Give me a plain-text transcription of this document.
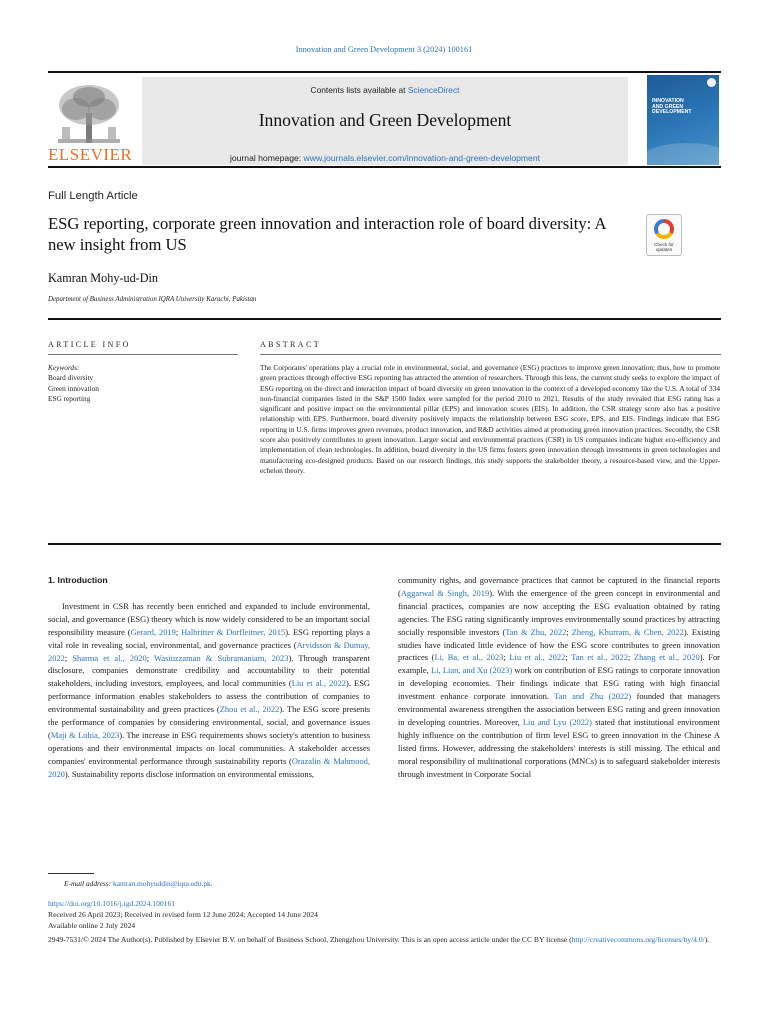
Innovation and Green Development 3 (2024) 100161
ELSEVIER
Contents lists available at ScienceDirect
Innovation and Green Development
journal homepage: www.journals.elsevier.com/innovation-and-green-development
INNOVATION
AND GREEN
DEVELOPMENT
Full Length Article
ESG reporting, corporate green innovation and interaction role of board diversity: A new insight from US	Check for
updates
Kamran Mohy-ud-Din
Department of Business Administration IQRA University Karachi, Pakistan
ARTICLE INFO	ABSTRACT
Keywords:
Board diversity
Green innovation
ESG reporting
The Corporates' operations play a crucial role in environmental, social, and governance (ESG) practices to improve green innovation; thus, how to promote green practices through effective ESG reporting has attracted the attention of researchers. Through this lens, the current study seeks to explore the impact of ESG reporting on the direct and interaction impact of board diversity on green innovation in the context of a developed economy like the U.S. A total of 334 non-financial companies listed in the S&P 1500 Index were sampled for the period 2010 to 2021. Results of the study revealed that ESG rating has a significant and positive impact on the environmental pillar (EPS) and innovation scores (EIS). In addition, the CSR strategy score also has a positive relationship with EPS. Furthermore, board diversity positively impacts the relationship between ESG score, EPS, and EIS. Findings indicate that ESG reporting in U.S. firms improves green revenues, product innovation, and R&D activities aimed at promoting green innovation practices. Secondly, the CSR score also positively contributes to green innovation. Larger social and environmental practices (CSR) in US companies indicate higher eco-efficiency and implementation of clean technologies. In addition, board diversity in the US firms fosters green innovation through investments in green technologies and manufacturing eco-designed products. Based on our research findings, this study supports the stakeholder theory, a resource-based view, and the Upper-echelon theory.
1. Introduction

Investment in CSR has recently been enriched and expanded to include environmental, social, and governance (ESG) theory which is now widely considered to be an important social responsibility measure (Gerard, 2019; Halbritter & Dorfleitner, 2015). ESG reporting plays a vital role in revealing social, environmental, and governance practices (Arvidsson & Dumay, 2022; Sharma et al., 2020; Wasiuzzaman & Subramaniam, 2023). Through transparent disclosure, companies demonstrate credibility and accountability to their potential stakeholders, including investors, employees, and local communities (Liu et al., 2022). ESG performance information enables stakeholders to assess the contribution of companies to environmental sustainability and green practices (Zhou et al., 2022). The ESG score presents the performance of companies by considering environmental, social, and governance issues (Maji & Lohia, 2023). The increase in ESG requirements shows society's attention to business operations and their environmental impacts on local communities. A stakeholder accesses companies' environmental performance through sustainability reports (Orazalin & Mahmood, 2020). Sustainability reports disclose information on environmental emissions,

community rights, and governance practices that cannot be captured in the financial reports (Aggarwal & Singh, 2019). With the emergence of the green concept in environmental and financial practices, companies are now accepting the ESG evaluation obtained by rating agencies. The ESG rating significantly improves environmentally sound practices by attracting socially responsible investors (Tan & Zhu, 2022; Zheng, Khurram, & Chen, 2022). Existing studies have indicated little evidence of how the ESG score contributes to green innovation practices (Li, Ba, et al., 2023; Liu et al., 2022; Tan et al., 2022; Zhang et al., 2020). For example, Li, Lian, and Xu (2023) work on contribution of ESG ratings to corporate innovation in developing economies. Their findings indicate that ESG rating with high financial investment enhance corporate innovation. Tan and Zhu (2022) founded that managers environmental awareness strengthen the association between ESG rating and green innovation in developing countries. Moreover, Liu and Lyu (2022) stated that institutional environment highly influence on the contribution of firm level ESG to green innovation in the Chinese A listed firms. However, addressing the stakeholders' interests is still missing. The ethical and moral responsibility of multinational corporations (MNCs) is to safeguard stakeholder interests through investment in Corporate Social

E-mail address: kamran.mohyuddin@iqra.edu.pk.
https://doi.org/10.1016/j.igd.2024.100161
Received 26 April 2023; Received in revised form 12 June 2024; Accepted 14 June 2024
Available online 2 July 2024
2949-7531/© 2024 The Author(s). Published by Elsevier B.V. on behalf of Business School, Zhengzhou University. This is an open access article under the CC BY license (http://creativecommons.org/licenses/by/4.0/).
